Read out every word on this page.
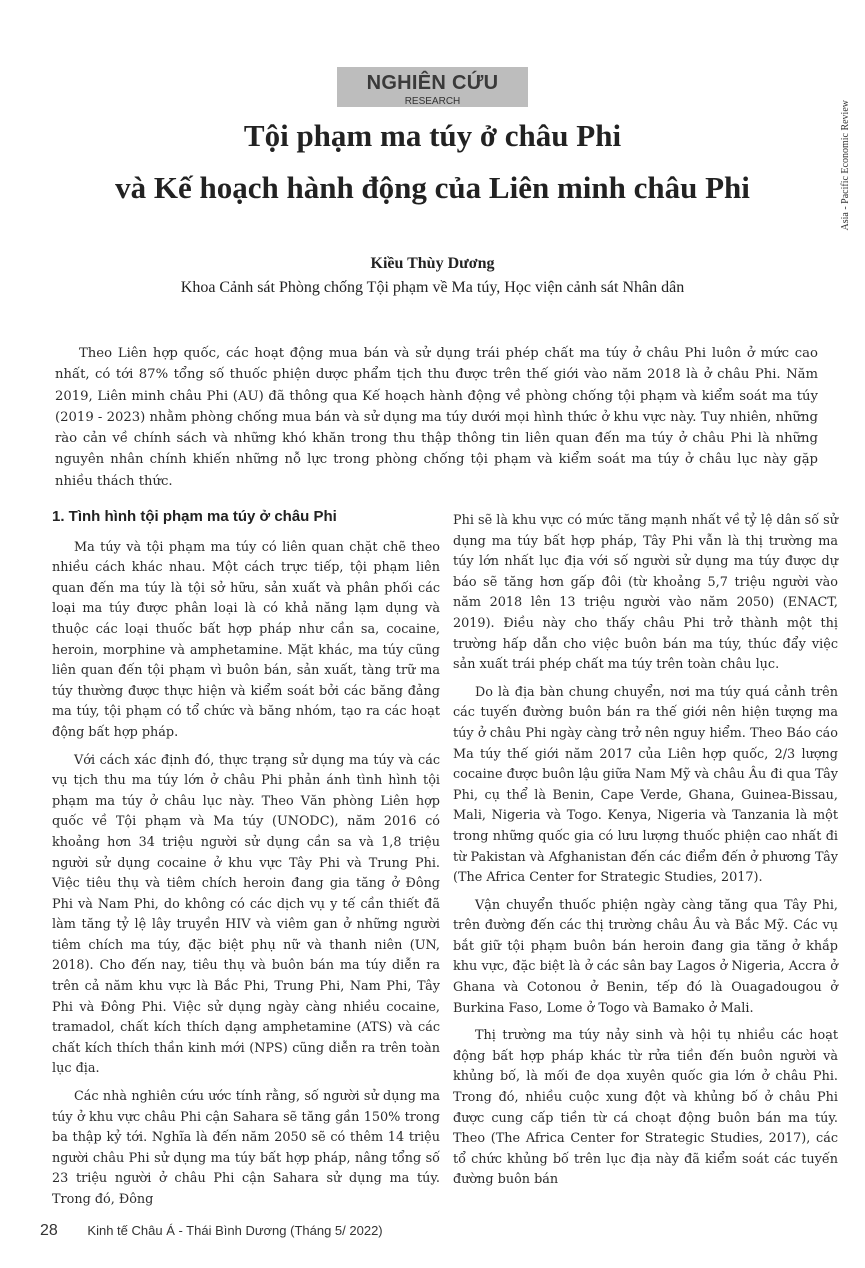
Asia - Pacific Economic Review
NGHIÊN CỨU
RESEARCH
Tội phạm ma túy ở châu Phi
và Kế hoạch hành động của Liên minh châu Phi
Kiều Thùy Dương
Khoa Cảnh sát Phòng chống Tội phạm về Ma túy, Học viện cảnh sát Nhân dân
Theo Liên hợp quốc, các hoạt động mua bán và sử dụng trái phép chất ma túy ở châu Phi luôn ở mức cao nhất, có tới 87% tổng số thuốc phiện dược phẩm tịch thu được trên thế giới vào năm 2018 là ở châu Phi. Năm 2019, Liên minh châu Phi (AU) đã thông qua Kế hoạch hành động về phòng chống tội phạm và kiểm soát ma túy (2019 - 2023) nhằm phòng chống mua bán và sử dụng ma túy dưới mọi hình thức ở khu vực này. Tuy nhiên, những rào cản về chính sách và những khó khăn trong thu thập thông tin liên quan đến ma túy ở châu Phi là những nguyên nhân chính khiến những nỗ lực trong phòng chống tội phạm và kiểm soát ma túy ở châu lục này gặp nhiều thách thức.
1. Tình hình tội phạm ma túy ở châu Phi

Ma túy và tội phạm ma túy có liên quan chặt chẽ theo nhiều cách khác nhau. Một cách trực tiếp, tội phạm liên quan đến ma túy là tội sở hữu, sản xuất và phân phối các loại ma túy được phân loại là có khả năng lạm dụng và thuộc các loại thuốc bất hợp pháp như cần sa, cocaine, heroin, morphine và amphetamine. Mặt khác, ma túy cũng liên quan đến tội phạm vì buôn bán, sản xuất, tàng trữ ma túy thường được thực hiện và kiểm soát bởi các băng đảng ma túy, tội phạm có tổ chức và băng nhóm, tạo ra các hoạt động bất hợp pháp.

Với cách xác định đó, thực trạng sử dụng ma túy và các vụ tịch thu ma túy lớn ở châu Phi phản ánh tình hình tội phạm ma túy ở châu lục này. Theo Văn phòng Liên hợp quốc về Tội phạm và Ma túy (UNODC), năm 2016 có khoảng hơn 34 triệu người sử dụng cần sa và 1,8 triệu người sử dụng cocaine ở khu vực Tây Phi và Trung Phi. Việc tiêu thụ và tiêm chích heroin đang gia tăng ở Đông Phi và Nam Phi, do không có các dịch vụ y tế cần thiết đã làm tăng tỷ lệ lây truyền HIV và viêm gan ở những người tiêm chích ma túy, đặc biệt phụ nữ và thanh niên (UN, 2018). Cho đến nay, tiêu thụ và buôn bán ma túy diễn ra trên cả năm khu vực là Bắc Phi, Trung Phi, Nam Phi, Tây Phi và Đông Phi. Việc sử dụng ngày càng nhiều cocaine, tramadol, chất kích thích dạng amphetamine (ATS) và các chất kích thích thần kinh mới (NPS) cũng diễn ra trên toàn lục địa.

Các nhà nghiên cứu ước tính rằng, số người sử dụng ma túy ở khu vực châu Phi cận Sahara sẽ tăng gần 150% trong ba thập kỷ tới. Nghĩa là đến năm 2050 sẽ có thêm 14 triệu người châu Phi sử dụng ma túy bất hợp pháp, nâng tổng số 23 triệu người ở châu Phi cận Sahara sử dụng ma túy. Trong đó, Đông

Phi sẽ là khu vực có mức tăng mạnh nhất về tỷ lệ dân số sử dụng ma túy bất hợp pháp, Tây Phi vẫn là thị trường ma túy lớn nhất lục địa với số người sử dụng ma túy được dự báo sẽ tăng hơn gấp đôi (từ khoảng 5,7 triệu người vào năm 2018 lên 13 triệu người vào năm 2050) (ENACT, 2019). Điều này cho thấy châu Phi trở thành một thị trường hấp dẫn cho việc buôn bán ma túy, thúc đẩy việc sản xuất trái phép chất ma túy trên toàn châu lục.

Do là địa bàn chung chuyển, nơi ma túy quá cảnh trên các tuyến đường buôn bán ra thế giới nên hiện tượng ma túy ở châu Phi ngày càng trở nên nguy hiểm. Theo Báo cáo Ma túy thế giới năm 2017 của Liên hợp quốc, 2/3 lượng cocaine được buôn lậu giữa Nam Mỹ và châu Âu đi qua Tây Phi, cụ thể là Benin, Cape Verde, Ghana, Guinea-Bissau, Mali, Nigeria và Togo. Kenya, Nigeria và Tanzania là một trong những quốc gia có lưu lượng thuốc phiện cao nhất đi từ Pakistan và Afghanistan đến các điểm đến ở phương Tây (The Africa Center for Strategic Studies, 2017).

Vận chuyển thuốc phiện ngày càng tăng qua Tây Phi, trên đường đến các thị trường châu Âu và Bắc Mỹ. Các vụ bắt giữ tội phạm buôn bán heroin đang gia tăng ở khắp khu vực, đặc biệt là ở các sân bay Lagos ở Nigeria, Accra ở Ghana và Cotonou ở Benin, tếp đó là Ouagadougou ở Burkina Faso, Lome ở Togo và Bamako ở Mali.

Thị trường ma túy nảy sinh và hội tụ nhiều các hoạt động bất hợp pháp khác từ rửa tiền đến buôn người và khủng bố, là mối đe dọa xuyên quốc gia lớn ở châu Phi. Trong đó, nhiều cuộc xung đột và khủng bố ở châu Phi được cung cấp tiền từ cá choạt động buôn bán ma túy. Theo (The Africa Center for Strategic Studies, 2017), các tổ chức khủng bố trên lục địa này đã kiểm soát các tuyến đường buôn bán

28 Kinh tế Châu Á - Thái Bình Dương (Tháng 5/ 2022)
